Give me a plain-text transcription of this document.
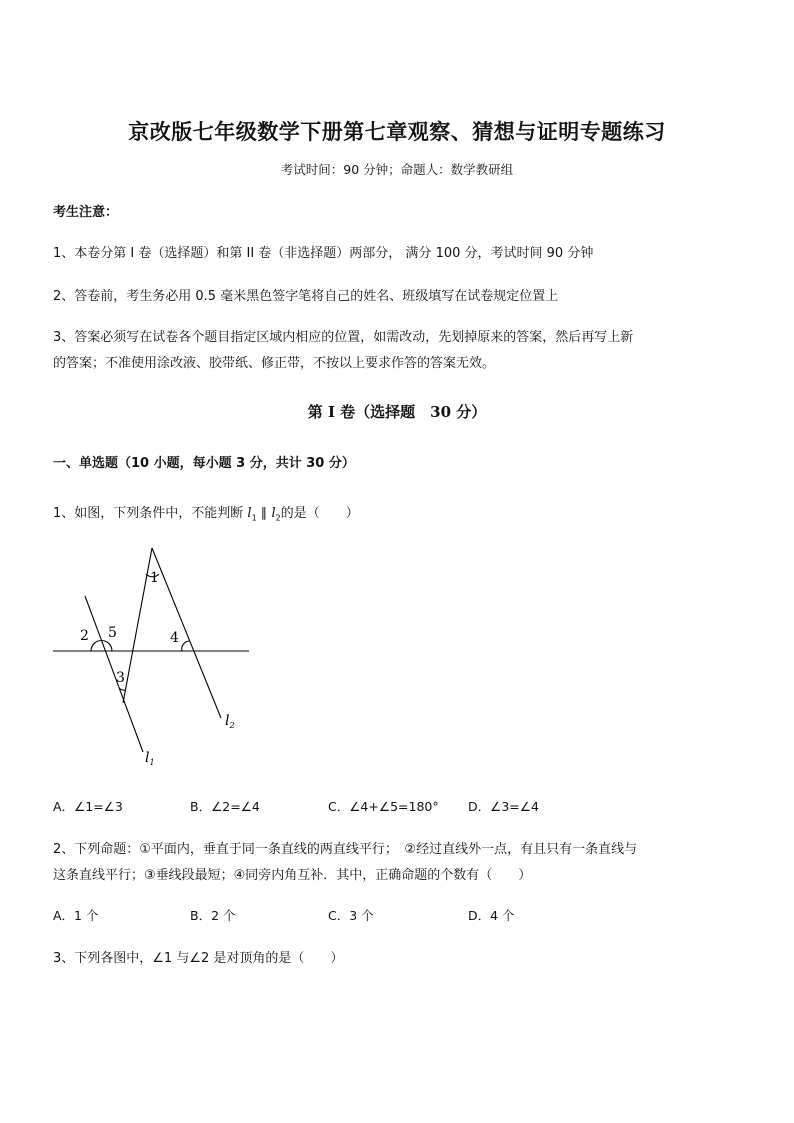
京改版七年级数学下册第七章观察、猜想与证明专题练习
考试时间：90 分钟；命题人：数学教研组
考生注意：
1、本卷分第 I 卷（选择题）和第 II 卷（非选择题）两部分， 满分 100 分，考试时间 90 分钟
2、答卷前，考生务必用 0.5 毫米黑色签字笔将自己的姓名、班级填写在试卷规定位置上
3、答案必须写在试卷各个题目指定区域内相应的位置，如需改动，先划掉原来的答案，然后再写上新
的答案；不准使用涂改液、胶带纸、修正带，不按以上要求作答的答案无效。
第 I 卷（选择题　30 分）
一、单选题（10 小题，每小题 3 分，共计 30 分）
1、如图，下列条件中，不能判断 $l_1$ ∥ $l_2$的是（　　）
1
2 5	4
3
$l_2$
$l_1$
A．∠1=∠3	B．∠2=∠4	C．∠4+∠5=180° D．∠3=∠4
2、下列命题：①平面内，垂直于同一条直线的两直线平行；　②经过直线外一点，有且只有一条直线与
这条直线平行；③垂线段最短；④同旁内角互补．其中，正确命题的个数有（　　）
A．1 个	B．2 个	C．3 个	D．4 个
3、下列各图中，∠1 与∠2 是对顶角的是（　　）
